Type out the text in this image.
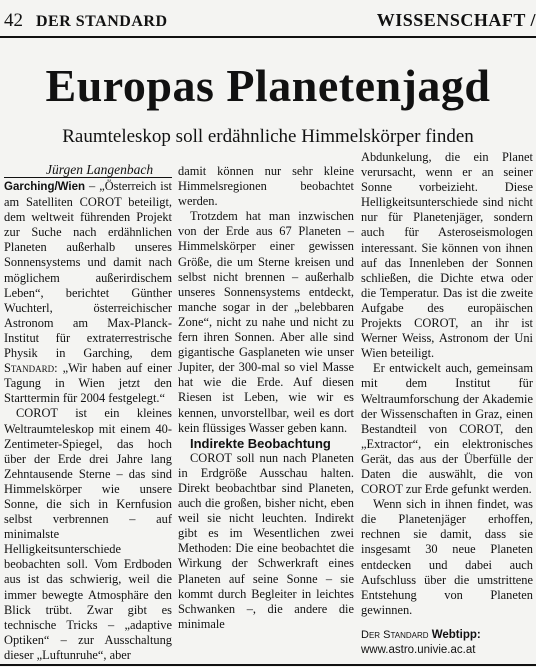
42 DER STANDARD	WISSENSCHAFT /
Europas Planetenjagd
Raumteleskop soll erdähnliche Himmelskörper finden
Jürgen Langenbach

Garching/Wien – „Österreich ist am Satelliten COROT beteiligt, dem weltweit führenden Projekt zur Suche nach erdähnlichen Planeten außerhalb unseres Sonnensystems und damit nach möglichem außerirdischem Leben“, berichtet Günther Wuchterl, österreichischer Astronom am Max-Planck-Institut für extraterrestrische Physik in Garching, dem Standard: „Wir haben auf einer Tagung in Wien jetzt den Starttermin für 2004 festgelegt.“

COROT ist ein kleines Weltraumteleskop mit einem 40-Zentimeter-Spiegel, das hoch über der Erde drei Jahre lang Zehntausende Sterne – das sind Himmelskörper wie unsere Sonne, die sich in Kernfusion selbst verbrennen – auf minimalste Helligkeitsunterschiede beobachten soll. Vom Erdboden aus ist das schwierig, weil die immer bewegte Atmosphäre den Blick trübt. Zwar gibt es technische Tricks – „adaptive Optiken“ – zur Ausschaltung dieser „Luftunruhe“, aber

damit können nur sehr kleine Himmelsregionen beobachtet werden.

Trotzdem hat man inzwischen von der Erde aus 67 Planeten – Himmelskörper einer gewissen Größe, die um Sterne kreisen und selbst nicht brennen – außerhalb unseres Sonnensystems entdeckt, manche sogar in der „belebbaren Zone“, nicht zu nahe und nicht zu fern ihren Sonnen. Aber alle sind gigantische Gasplaneten wie unser Jupiter, der 300-mal so viel Masse hat wie die Erde. Auf diesen Riesen ist Leben, wie wir es kennen, unvorstellbar, weil es dort kein flüssiges Wasser geben kann.

Indirekte Beobachtung

COROT soll nun nach Planeten in Erdgröße Ausschau halten. Direkt beobachtbar sind Planeten, auch die großen, bisher nicht, eben weil sie nicht leuchten. Indirekt gibt es im Wesentlichen zwei Methoden: Die eine beobachtet die Wirkung der Schwerkraft eines Planeten auf seine Sonne – sie kommt durch Begleiter in leichtes Schwanken –, die andere die minimale

Abdunkelung, die ein Planet verursacht, wenn er an seiner Sonne vorbeizieht. Diese Helligkeitsunterschiede sind nicht nur für Planetenjäger, sondern auch für Asteroseismologen interessant. Sie können von ihnen auf das Innenleben der Sonnen schließen, die Dichte etwa oder die Temperatur. Das ist die zweite Aufgabe des europäischen Projekts COROT, an ihr ist Werner Weiss, Astronom der Uni Wien beteiligt.

Er entwickelt auch, gemeinsam mit dem Institut für Weltraumforschung der Akademie der Wissenschaften in Graz, einen Bestandteil von COROT, den „Extractor“, ein elektronisches Gerät, das aus der Überfülle der Daten die auswählt, die von COROT zur Erde gefunkt werden.

Wenn sich in ihnen findet, was die Planetenjäger erhoffen, rechnen sie damit, dass sie insgesamt 30 neue Planeten entdecken und dabei auch Aufschluss über die umstrittene Entstehung von Planeten gewinnen.

Der Standard Webtipp:
www.astro.univie.ac.at
